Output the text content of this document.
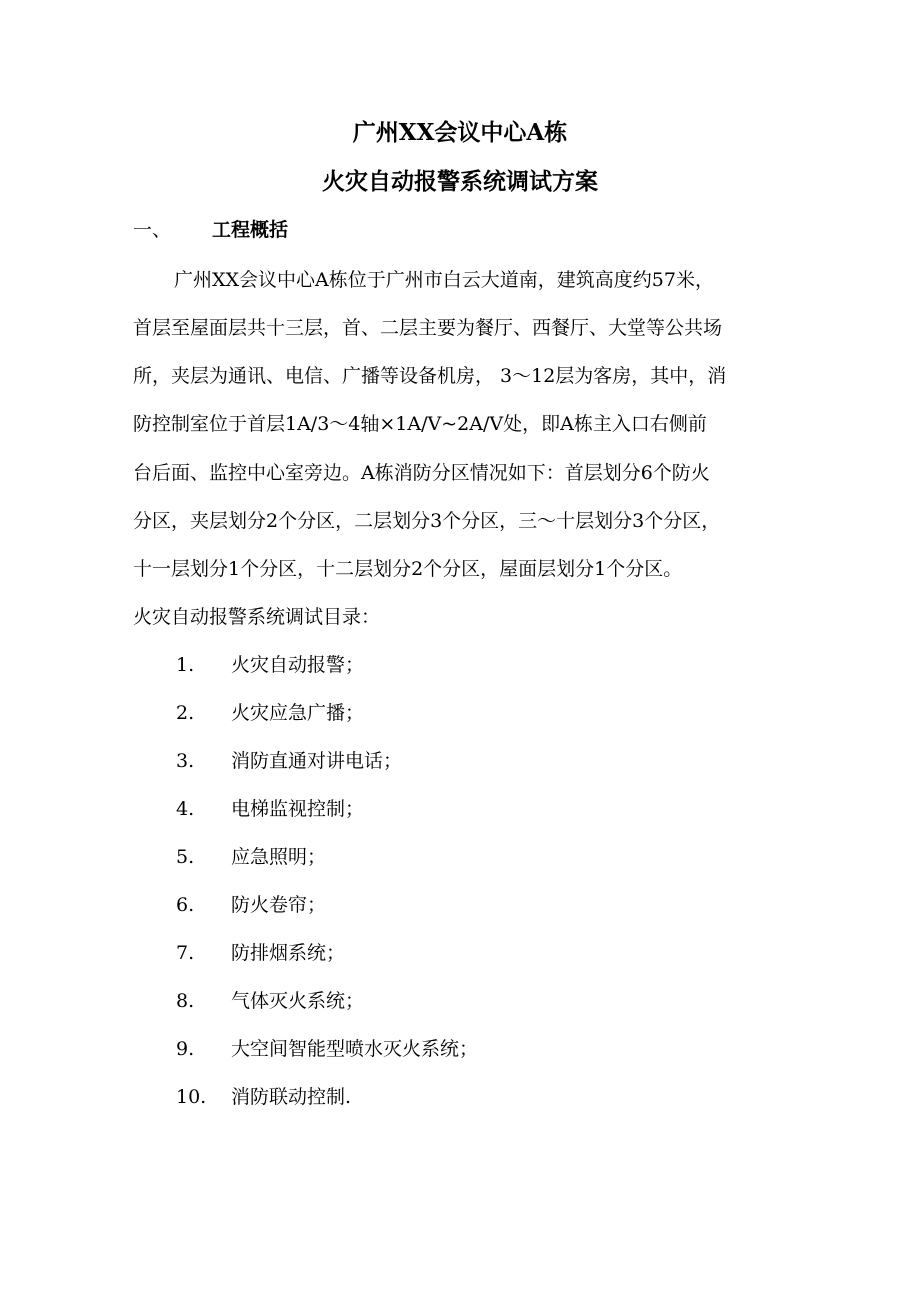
广州XX会议中心A栋
火灾自动报警系统调试方案
一、 工程概括
广州XX会议中心A栋位于广州市白云大道南，建筑高度约57米，
首层至屋面层共十三层，首、二层主要为餐厅、西餐厅、大堂等公共场
所，夹层为通讯、电信、广播等设备机房， 3～12层为客房，其中，消
防控制室位于首层1A/3～4轴×1A/V~2A/V处，即A栋主入口右侧前
台后面、监控中心室旁边。A栋消防分区情况如下：首层划分6个防火
分区，夹层划分2个分区，二层划分3个分区，三～十层划分3个分区，
十一层划分1个分区，十二层划分2个分区，屋面层划分1个分区。
火灾自动报警系统调试目录：
1. 火灾自动报警；
2. 火灾应急广播；
3. 消防直通对讲电话；
4. 电梯监视控制；
5. 应急照明；
6. 防火卷帘；
7. 防排烟系统；
8. 气体灭火系统；
9. 大空间智能型喷水灭火系统；
10. 消防联动控制.
